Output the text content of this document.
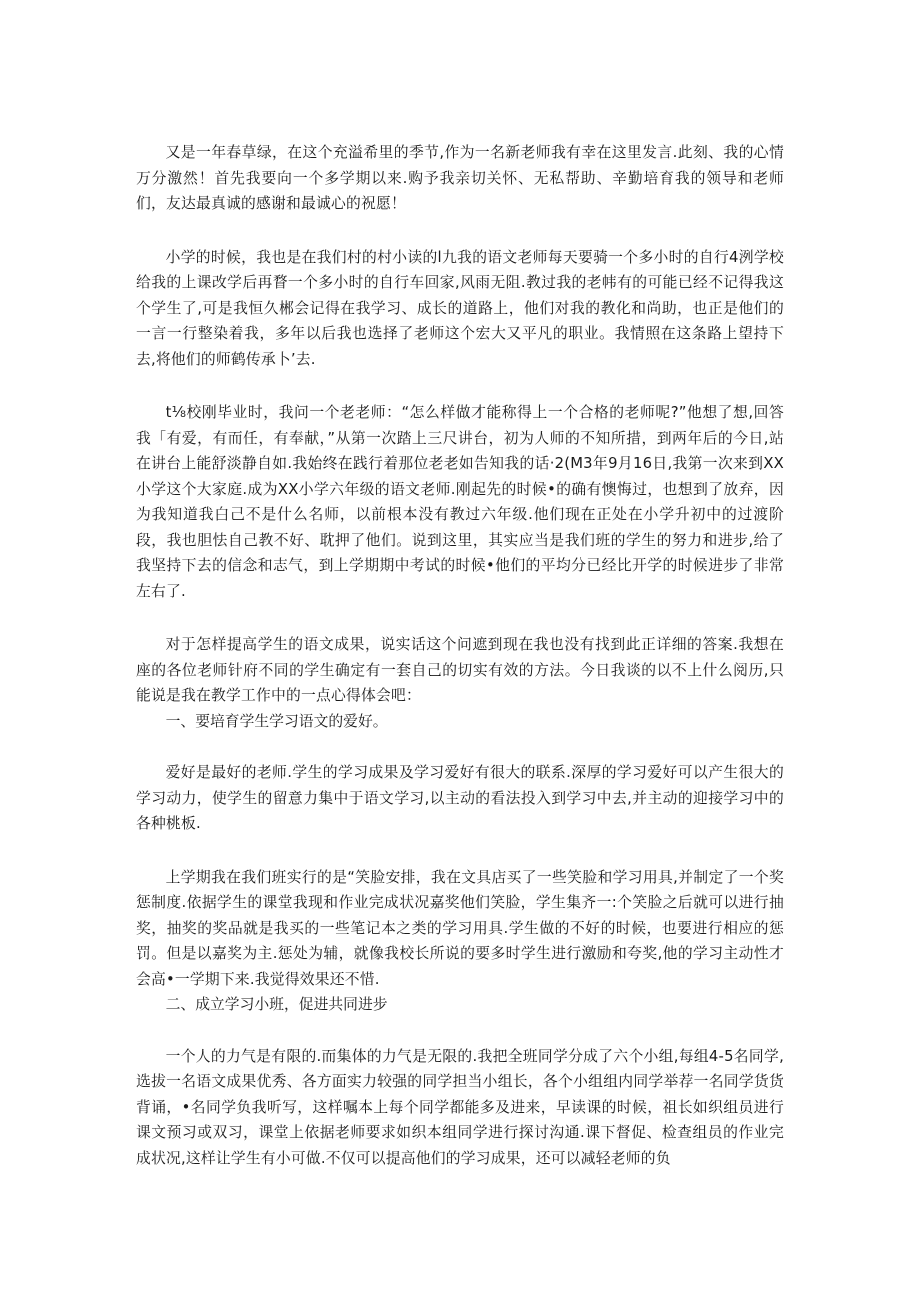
又是一年春草绿，在这个充溢希里的季节,作为一名新老师我有幸在这里发言.此刻、我的心情万分激然！首先我要向一个多学期以来.购予我亲切关怀、无私帮助、辛勤培育我的领导和老师们，友达最真诚的感谢和最诚心的祝愿！

小学的时候，我也是在我们村的村小读的l九我的语文老师每天要骑一个多小时的自行4洌学校给我的上课改学后再瞀一个多小时的自行车回家,风雨无阻.教过我的老帏有的可能已经不记得我这个学生了,可是我恒久郴会记得在我学习、成长的道路上，他们对我的教化和尚助，也正是他们的一言一行整染着我，多年以后我也选择了老师这个宏大又平凡的职业。我情照在这条路上望持下去,将他们的师鹤传承卜’去.

t⅛校刚毕业时，我问一个老老师：“怎么样做才能称得上一个合格的老师呢?”他想了想,回答我「有爱，有而任，有奉献，”从第一次踏上三尺讲台，初为人师的不知所措，到两年后的今日,站在讲台上能舒淡静自如.我始终在践行着那位老老如告知我的话·2(M3年9月16日,我第一次来到XX小学这个大家庭.成为XX小学六年级的语文老师.刚起先的时候•的确有懊悔过，也想到了放弃，因为我知道我白己不是什么名师，以前根本没有教过六年级.他们现在正处在小学升初中的过渡阶段，我也胆怯自己教不好、耽押了他们。说到这里，其实应当是我们班的学生的努力和进步,给了我坚持下去的信念和志气，到上学期期中考试的时候•他们的平均分已经比开学的时候进步了非常左右了.

对于怎样提高学生的语文成果，说实话这个问遮到现在我也没有找到此正详细的答案.我想在座的各位老师针府不同的学生确定有一套自己的切实有效的方法。今日我谈的以不上什么阅历,只能说是我在教学工作中的一点心得体会吧：

一、要培育学生学习语文的爱好。

爱好是最好的老师.学生的学习成果及学习爱好有很大的联系.深厚的学习爱好可以产生很大的学习动力，使学生的留意力集中于语文学习,以主动的看法投入到学习中去,并主动的迎接学习中的各种桃板.

上学期我在我们班实行的是“笑脸安排，我在文具店买了一些笑脸和学习用具,并制定了一个奖惩制度.依据学生的课堂我现和作业完成状况嘉奖他们笑脸，学生集齐一:个笑脸之后就可以进行抽奖，抽奖的奖品就是我买的一些笔记本之类的学习用具.学生做的不好的时候，也要进行相应的惩罚。但是以嘉奖为主.惩处为辅，就像我校长所说的要多时学生进行激励和夸奖,他的学习主动性才会高•一学期下来.我觉得效果还不惜.

二、成立学习小班，促进共同进步

一个人的力气是有限的.而集体的力气是无限的.我把全班同学分成了六个小组,每组4-5名同学,选拔一名语文成果优秀、各方面实力较强的同学担当小组长，各个小组组内同学举荐一名同学货货背诵，•名同学负我听写，这样嘱本上每个同学都能多及进来，早读课的时候，祖长如织组员进行课文预习或双习，课堂上依据老师要求如织本组同学进行探讨沟通.课下督促、检查组员的作业完成状况,这样让学生有小可做.不仅可以提高他们的学习成果，还可以减轻老师的负
